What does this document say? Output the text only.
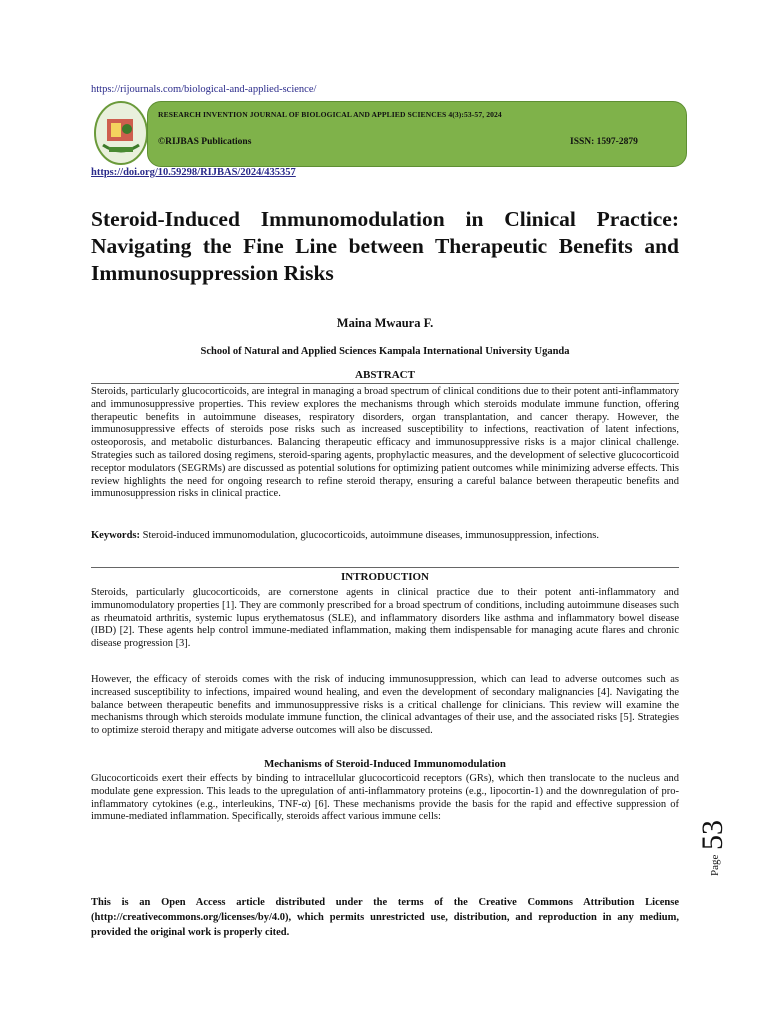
https://rijournals.com/biological-and-applied-science/
RESEARCH INVENTION JOURNAL OF BIOLOGICAL AND APPLIED SCIENCES 4(3):53-57, 2024
©RIJBAS Publications	ISSN: 1597-2879
https://doi.org/10.59298/RIJBAS/2024/435357
Steroid-Induced Immunomodulation in Clinical Practice: Navigating the Fine Line between Therapeutic Benefits and Immunosuppression Risks
Maina Mwaura F.
School of Natural and Applied Sciences Kampala International University Uganda
ABSTRACT
Steroids, particularly glucocorticoids, are integral in managing a broad spectrum of clinical conditions due to their potent anti-inflammatory and immunosuppressive properties. This review explores the mechanisms through which steroids modulate immune function, offering therapeutic benefits in autoimmune diseases, respiratory disorders, organ transplantation, and cancer therapy. However, the immunosuppressive effects of steroids pose risks such as increased susceptibility to infections, reactivation of latent infections, osteoporosis, and metabolic disturbances. Balancing therapeutic efficacy and immunosuppressive risks is a major clinical challenge. Strategies such as tailored dosing regimens, steroid-sparing agents, prophylactic measures, and the development of selective glucocorticoid receptor modulators (SEGRMs) are discussed as potential solutions for optimizing patient outcomes while minimizing adverse effects. This review highlights the need for ongoing research to refine steroid therapy, ensuring a careful balance between therapeutic benefits and immunosuppression risks in clinical practice.
Keywords: Steroid-induced immunomodulation, glucocorticoids, autoimmune diseases, immunosuppression, infections.
INTRODUCTION
Steroids, particularly glucocorticoids, are cornerstone agents in clinical practice due to their potent anti-inflammatory and immunomodulatory properties [1]. They are commonly prescribed for a broad spectrum of conditions, including autoimmune diseases such as rheumatoid arthritis, systemic lupus erythematosus (SLE), and inflammatory disorders like asthma and inflammatory bowel disease (IBD) [2]. These agents help control immune-mediated inflammation, making them indispensable for managing acute flares and chronic disease progression [3].
However, the efficacy of steroids comes with the risk of inducing immunosuppression, which can lead to adverse outcomes such as increased susceptibility to infections, impaired wound healing, and even the development of secondary malignancies [4]. Navigating the balance between therapeutic benefits and immunosuppressive risks is a critical challenge for clinicians. This review will examine the mechanisms through which steroids modulate immune function, the clinical advantages of their use, and the associated risks [5]. Strategies to optimize steroid therapy and mitigate adverse outcomes will also be discussed.
Mechanisms of Steroid-Induced Immunomodulation
Glucocorticoids exert their effects by binding to intracellular glucocorticoid receptors (GRs), which then translocate to the nucleus and modulate gene expression. This leads to the upregulation of anti-inflammatory proteins (e.g., lipocortin-1) and the downregulation of pro-inflammatory cytokines (e.g., interleukins, TNF-α) [6]. These mechanisms provide the basis for the rapid and effective suppression of immune-mediated inflammation. Specifically, steroids affect various immune cells:
This is an Open Access article distributed under the terms of the Creative Commons Attribution License (http://creativecommons.org/licenses/by/4.0), which permits unrestricted use, distribution, and reproduction in any medium, provided the original work is properly cited.
Page
53
